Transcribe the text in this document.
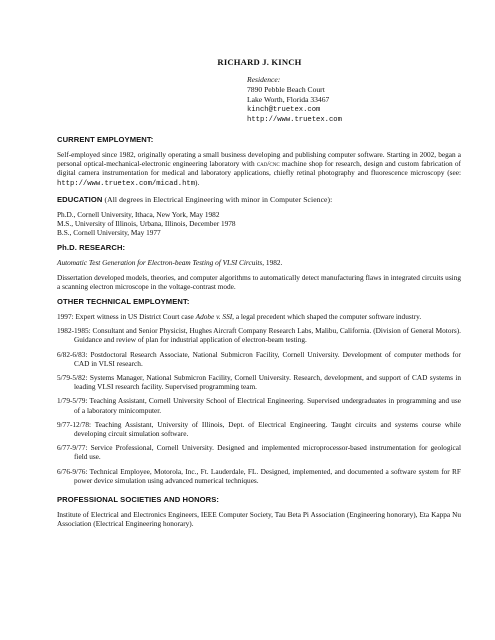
RICHARD J. KINCH
Residence:
7890 Pebble Beach Court
Lake Worth, Florida 33467
kinch@truetex.com
http://www.truetex.com
CURRENT EMPLOYMENT:

Self-employed since 1982, originally operating a small business developing and publishing computer software. Starting in 2002, began a personal optical-mechanical-electronic engineering laboratory with cad/cnc machine shop for research, design and custom fabrication of digital camera instrumentation for medical and laboratory applications, chiefly retinal photography and fluorescence microscopy (see: http://www.truetex.com/micad.htm).

EDUCATION (All degrees in Electrical Engineering with minor in Computer Science):
Ph.D., Cornell University, Ithaca, New York, May 1982
M.S., University of Illinois, Urbana, Illinois, December 1978
B.S., Cornell University, May 1977
Ph.D. RESEARCH:

Automatic Test Generation for Electron-beam Testing of VLSI Circuits, 1982.

Dissertation developed models, theories, and computer algorithms to automatically detect manufacturing flaws in integrated circuits using a scanning electron microscope in the voltage-contrast mode.

OTHER TECHNICAL EMPLOYMENT:
1997: Expert witness in US District Court case Adobe v. SSI, a legal precedent which shaped the computer software industry.
1982-1985: Consultant and Senior Physicist, Hughes Aircraft Company Research Labs, Malibu, California. (Division of General Motors). Guidance and review of plan for industrial application of electron-beam testing.
6/82-6/83: Postdoctoral Research Associate, National Submicron Facility, Cornell University. Development of computer methods for CAD in VLSI research.
5/79-5/82: Systems Manager, National Submicron Facility, Cornell University. Research, development, and support of CAD systems in leading VLSI research facility. Supervised programming team.
1/79-5/79: Teaching Assistant, Cornell University School of Electrical Engineering. Supervised undergraduates in programming and use of a laboratory minicomputer.
9/77-12/78: Teaching Assistant, University of Illinois, Dept. of Electrical Engineering. Taught circuits and systems course while developing circuit simulation software.
6/77-9/77: Service Professional, Cornell University. Designed and implemented microprocessor-based instrumentation for geological field use.
6/76-9/76: Technical Employee, Motorola, Inc., Ft. Lauderdale, FL. Designed, implemented, and documented a software system for RF power device simulation using advanced numerical techniques.
PROFESSIONAL SOCIETIES AND HONORS:

Institute of Electrical and Electronics Engineers, IEEE Computer Society, Tau Beta Pi Association (Engineering honorary), Eta Kappa Nu Association (Electrical Engineering honorary).
